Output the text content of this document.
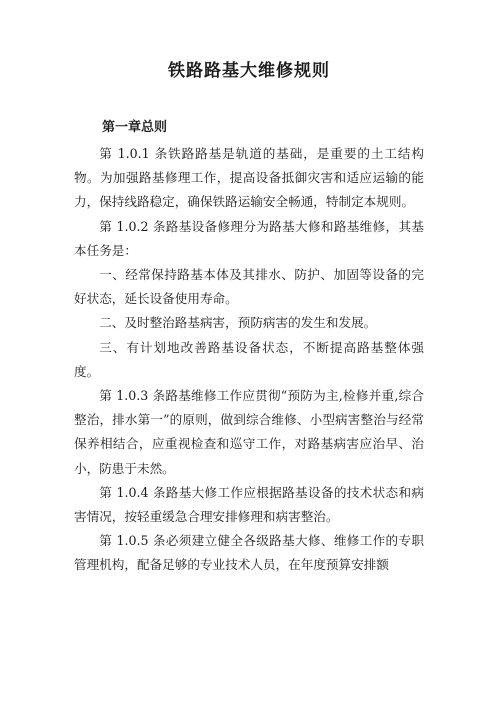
铁路路基大维修规则
第一章总则

第 1.0.1 条铁路路基是轨道的基础，是重要的土工结构物。为加强路基修理工作，提高设备抵御灾害和适应运输的能力，保持线路稳定，确保铁路运输安全畅通，特制定本规则。

第 1.0.2 条路基设备修理分为路基大修和路基维修，其基本任务是：

一、经常保持路基本体及其排水、防护、加固等设备的完好状态，延长设备使用寿命。

二、及时整治路基病害，预防病害的发生和发展。

三、有计划地改善路基设备状态，不断提高路基整体强度。

第 1.0.3 条路基维修工作应贯彻“预防为主,检修并重,综合整治，排水第一”的原则，做到综合维修、小型病害整治与经常保养相结合，应重视检查和巡守工作，对路基病害应治早、治小，防患于未然。

第 1.0.4 条路基大修工作应根据路基设备的技术状态和病害情况，按轻重缓急合理安排修理和病害整治。

第 1.0.5 条必须建立健全各级路基大修、维修工作的专职管理机构，配备足够的专业技术人员，在年度预算安排额
